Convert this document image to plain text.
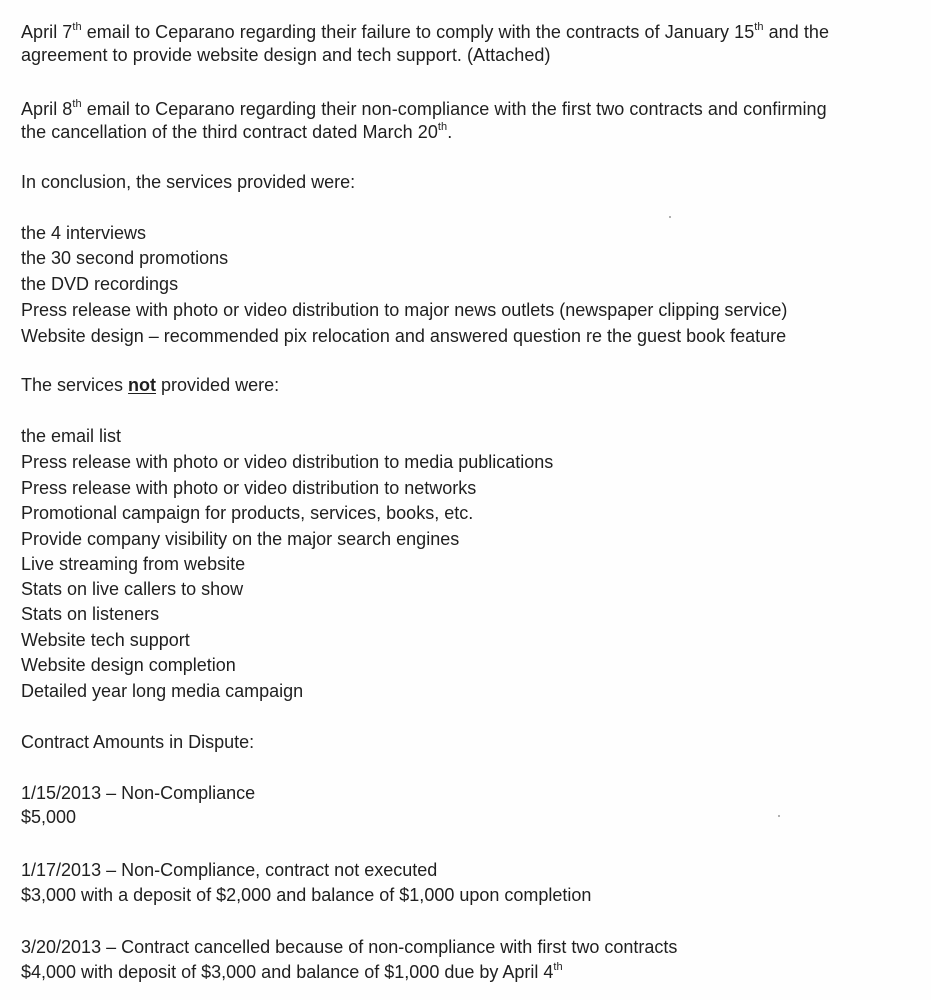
April 7th email to Ceparano regarding their failure to comply with the contracts of January 15th and the

agreement to provide website design and tech support. (Attached)

April 8th email to Ceparano regarding their non-compliance with the first two contracts and confirming

the cancellation of the third contract dated March 20th.

In conclusion, the services provided were:
the 4 interviews
the 30 second promotions
the DVD recordings
Press release with photo or video distribution to major news outlets (newspaper clipping service)
Website design – recommended pix relocation and answered question re the guest book feature
The services not provided were:
the email list
Press release with photo or video distribution to media publications
Press release with photo or video distribution to networks
Promotional campaign for products, services, books, etc.
Provide company visibility on the major search engines
Live streaming from website
Stats on live callers to show
Stats on listeners
Website tech support
Website design completion
Detailed year long media campaign
Contract Amounts in Dispute:
1/15/2013 – Non-Compliance
$5,000
1/17/2013 – Non-Compliance, contract not executed
$3,000 with a deposit of $2,000 and balance of $1,000 upon completion
3/20/2013 – Contract cancelled because of non-compliance with first two contracts
$4,000 with deposit of $3,000 and balance of $1,000 due by April 4th
